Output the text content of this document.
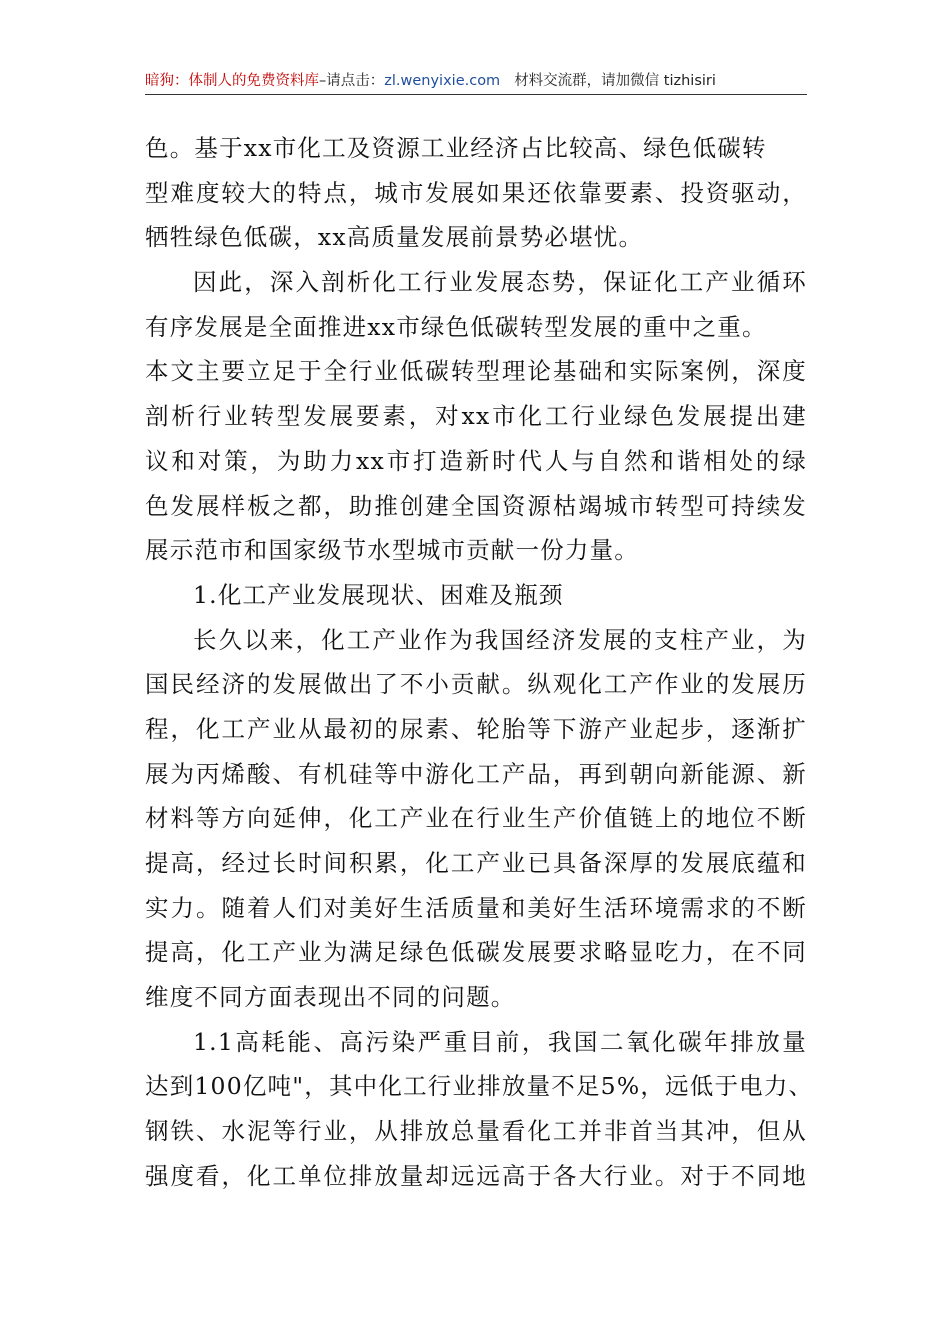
暗狗：体制人的免费资料库–请点击：zl.wenyixie.com 材料交流群，请加微信 tizhisiri
色。基于xx市化工及资源工业经济占比较高、绿色低碳转
型难度较大的特点，城市发展如果还依靠要素、投资驱动，
牺牲绿色低碳，xx高质量发展前景势必堪忧。
因此，深入剖析化工行业发展态势，保证化工产业循环
有序发展是全面推进xx市绿色低碳转型发展的重中之重。
本文主要立足于全行业低碳转型理论基础和实际案例，深度
剖析行业转型发展要素，对xx市化工行业绿色发展提出建
议和对策，为助力xx市打造新时代人与自然和谐相处的绿
色发展样板之都，助推创建全国资源枯竭城市转型可持续发
展示范市和国家级节水型城市贡献一份力量。
1.化工产业发展现状、困难及瓶颈
长久以来，化工产业作为我国经济发展的支柱产业，为
国民经济的发展做出了不小贡献。纵观化工产作业的发展历
程，化工产业从最初的尿素、轮胎等下游产业起步，逐渐扩
展为丙烯酸、有机硅等中游化工产品，再到朝向新能源、新
材料等方向延伸，化工产业在行业生产价值链上的地位不断
提高，经过长时间积累，化工产业已具备深厚的发展底蕴和
实力。随着人们对美好生活质量和美好生活环境需求的不断
提高，化工产业为满足绿色低碳发展要求略显吃力，在不同
维度不同方面表现出不同的问题。
1.1高耗能、高污染严重目前，我国二氧化碳年排放量
达到100亿吨"，其中化工行业排放量不足5%，远低于电力、
钢铁、水泥等行业，从排放总量看化工并非首当其冲，但从
强度看，化工单位排放量却远远高于各大行业。对于不同地
